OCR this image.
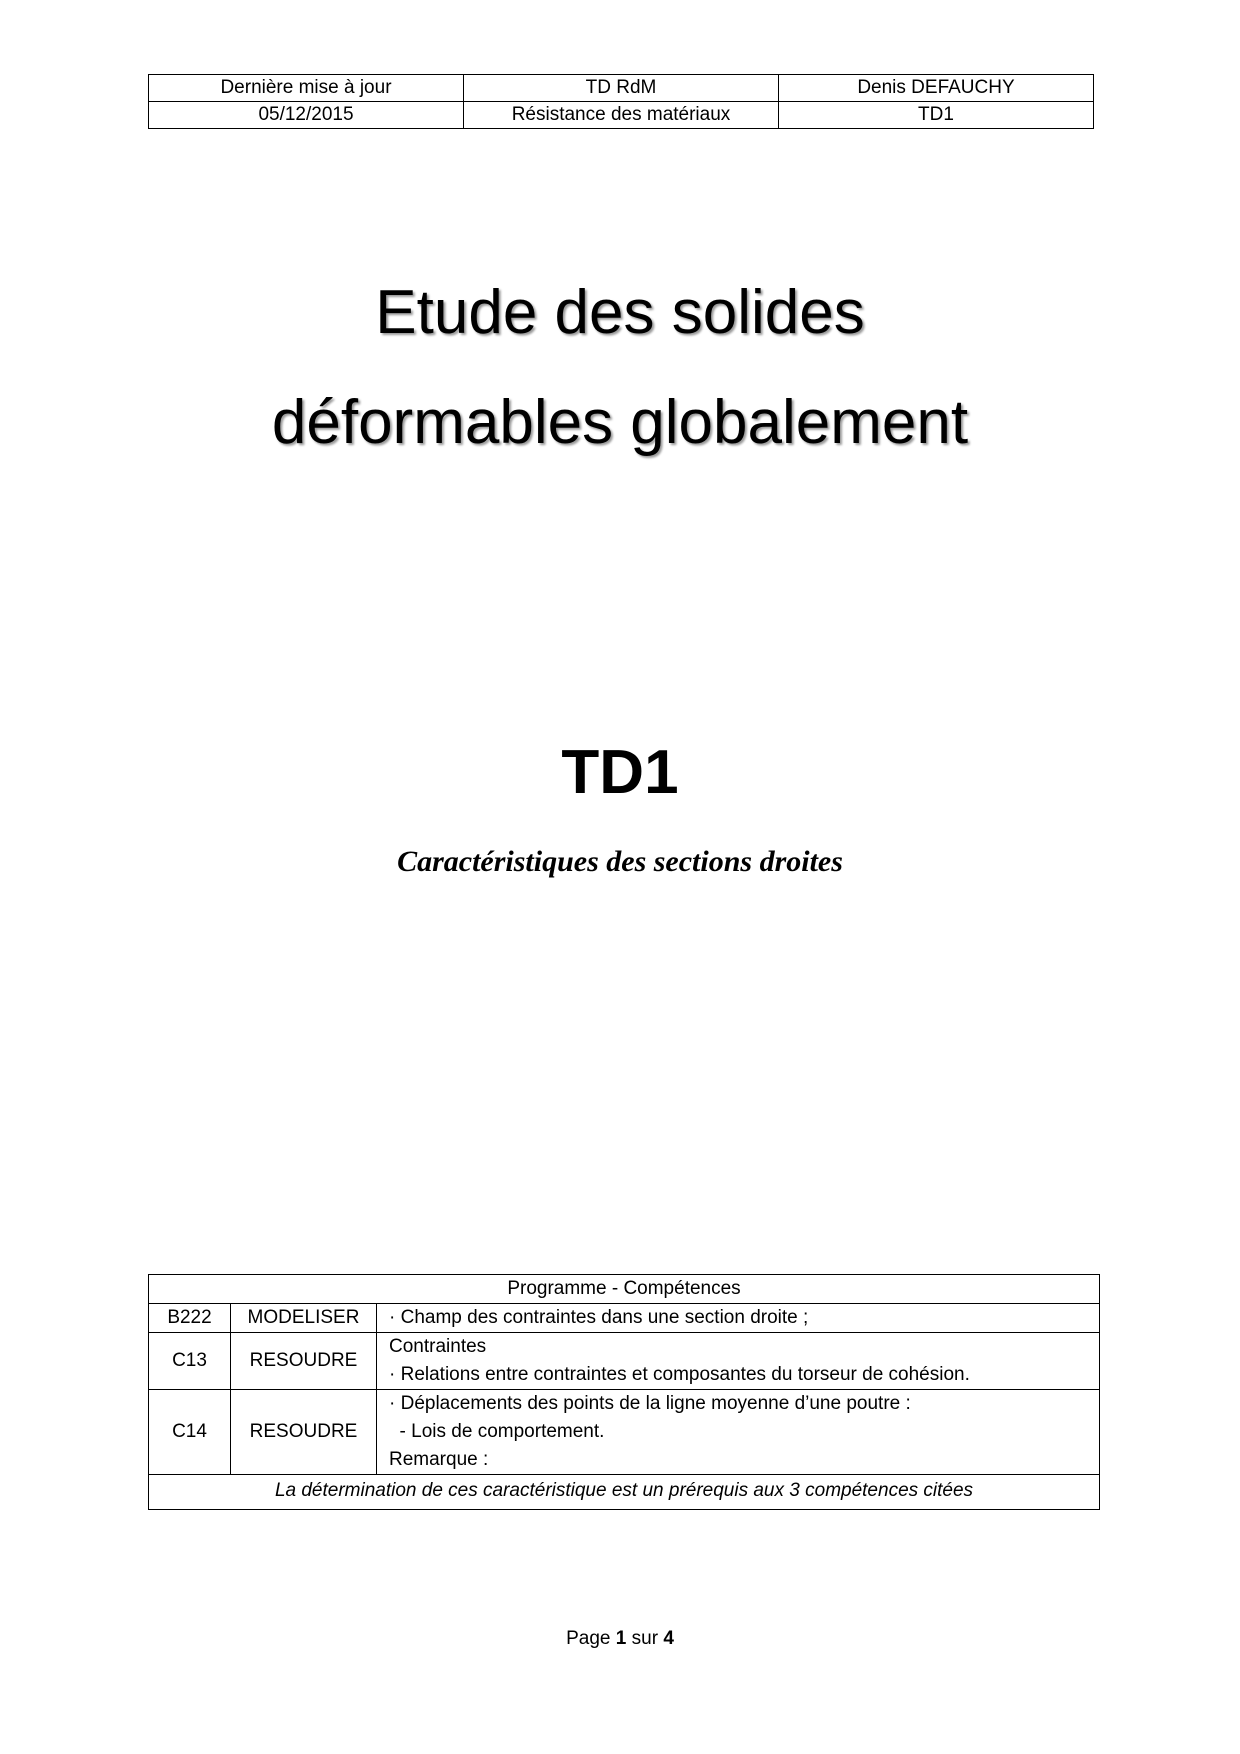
Dernière mise à jour	TD RdM	Denis DEFAUCHY
05/12/2015	Résistance des matériaux	TD1
Etude des solides
déformables globalement
TD1
Caractéristiques des sections droites
Programme - Compétences		
B222	MODELISER	· Champ des contraintes dans une section droite ;

C13	RESOUDRE	Contraintes
· Relations entre contraintes et composantes du torseur de cohésion.

C14	RESOUDRE	· Déplacements des points de la ligne moyenne d’une poutre :
- Lois de comportement.
Remarque :

La détermination de ces caractéristique est un prérequis aux 3 compétences citées		
Page 1 sur 4
